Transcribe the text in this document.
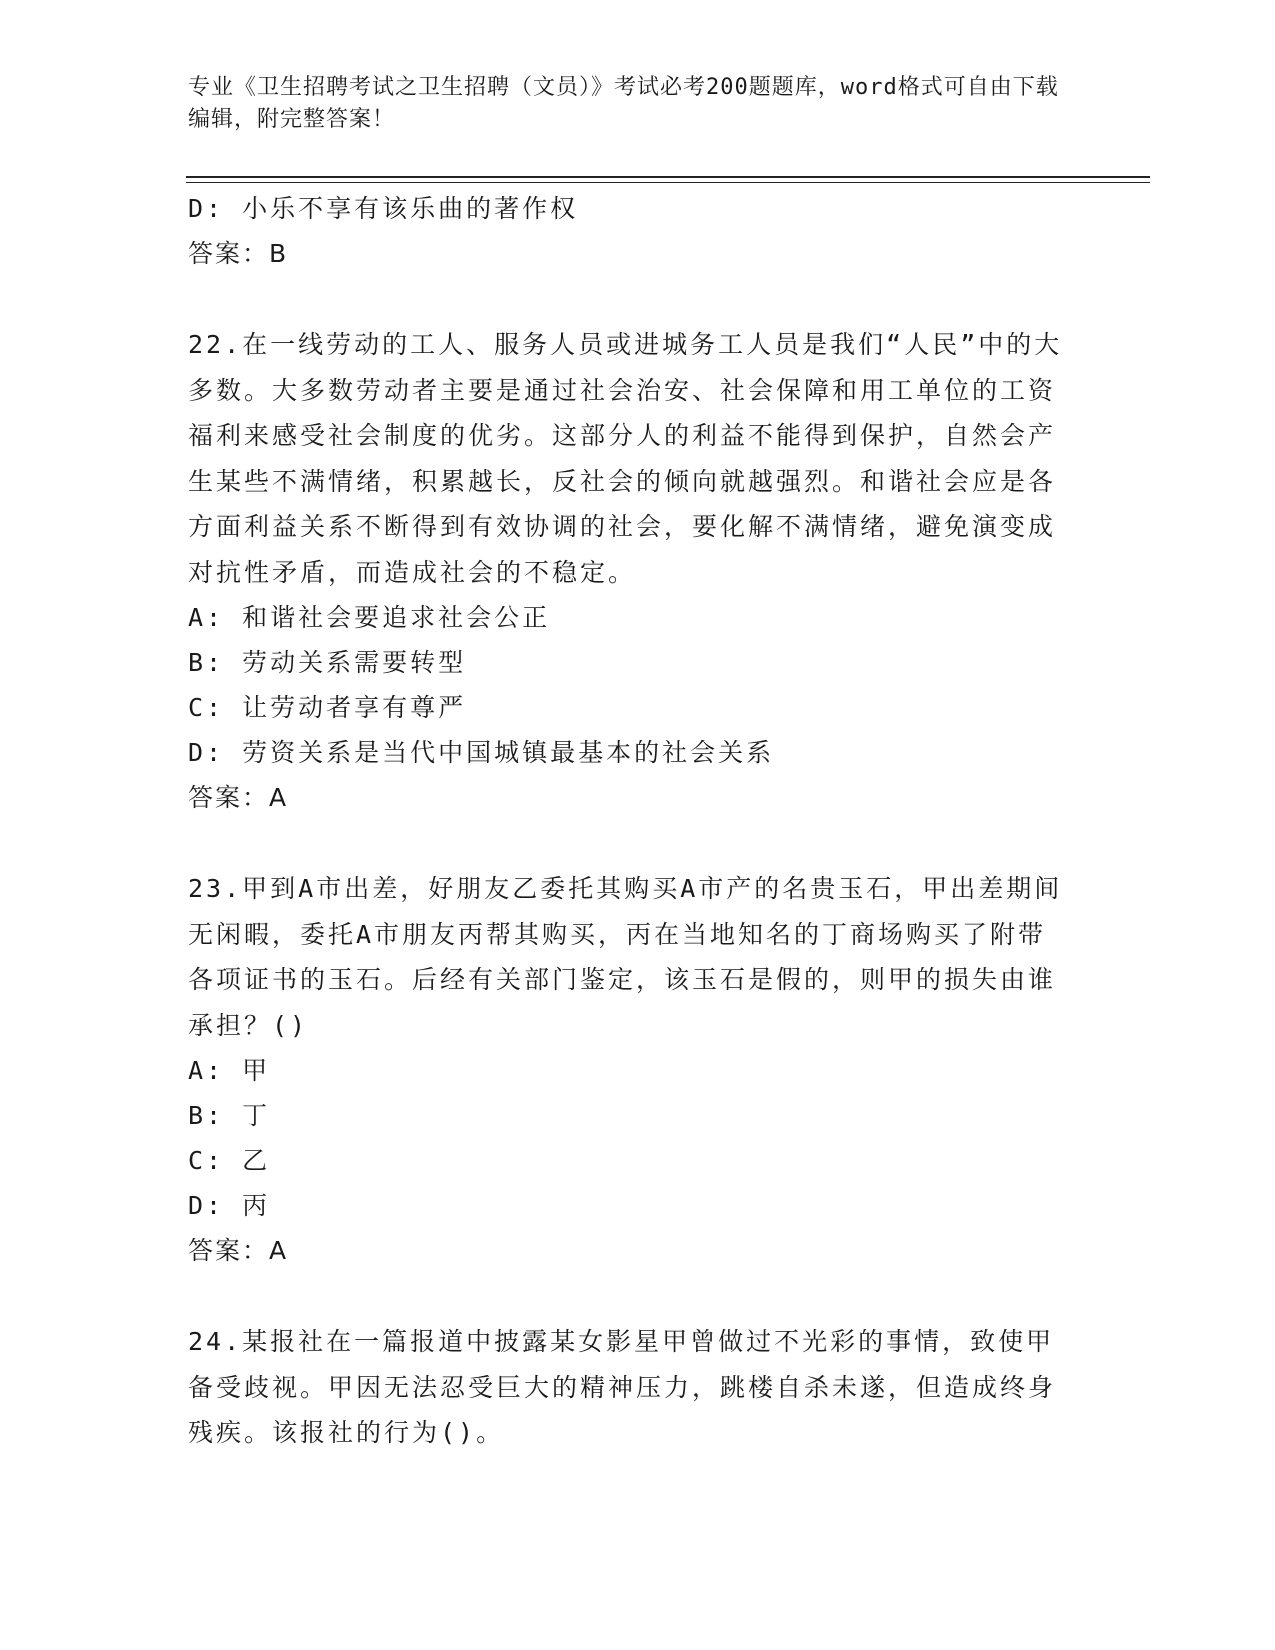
专业《卫生招聘考试之卫生招聘（文员）》考试必考200题题库，word格式可自由下载编辑，附完整答案！
D: 小乐不享有该乐曲的著作权
答案：B
22.在一线劳动的工人、服务人员或进城务工人员是我们“人民”中的大多数。大多数劳动者主要是通过社会治安、社会保障和用工单位的工资福利来感受社会制度的优劣。这部分人的利益不能得到保护，自然会产生某些不满情绪，积累越长，反社会的倾向就越强烈。和谐社会应是各方面利益关系不断得到有效协调的社会，要化解不满情绪，避免演变成对抗性矛盾，而造成社会的不稳定。
A: 和谐社会要追求社会公正
B: 劳动关系需要转型
C: 让劳动者享有尊严
D: 劳资关系是当代中国城镇最基本的社会关系
答案：A
23.甲到A市出差，好朋友乙委托其购买A市产的名贵玉石，甲出差期间无闲暇，委托A市朋友丙帮其购买，丙在当地知名的丁商场购买了附带各项证书的玉石。后经有关部门鉴定，该玉石是假的，则甲的损失由谁承担？()
A: 甲
B: 丁
C: 乙
D: 丙
答案：A
24.某报社在一篇报道中披露某女影星甲曾做过不光彩的事情，致使甲备受歧视。甲因无法忍受巨大的精神压力，跳楼自杀未遂，但造成终身残疾。该报社的行为()。
